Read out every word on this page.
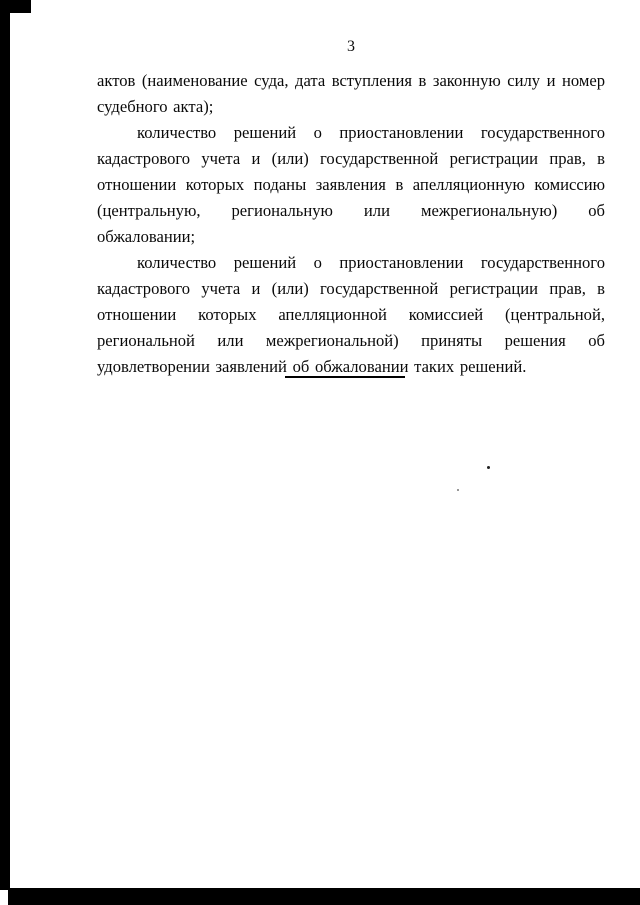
3

актов (наименование суда, дата вступления в законную силу и номер судебного акта);

количество решений о приостановлении государственного кадастрового учета и (или) государственной регистрации прав, в отношении которых поданы заявления в апелляционную комиссию (центральную, региональную или межрегиональную) об обжаловании;

количество решений о приостановлении государственного кадастрового учета и (или) государственной регистрации прав, в отношении которых апелляционной комиссией (центральной, региональной или межрегиональной) приняты решения об удовлетворении заявлений об обжаловании таких решений.
